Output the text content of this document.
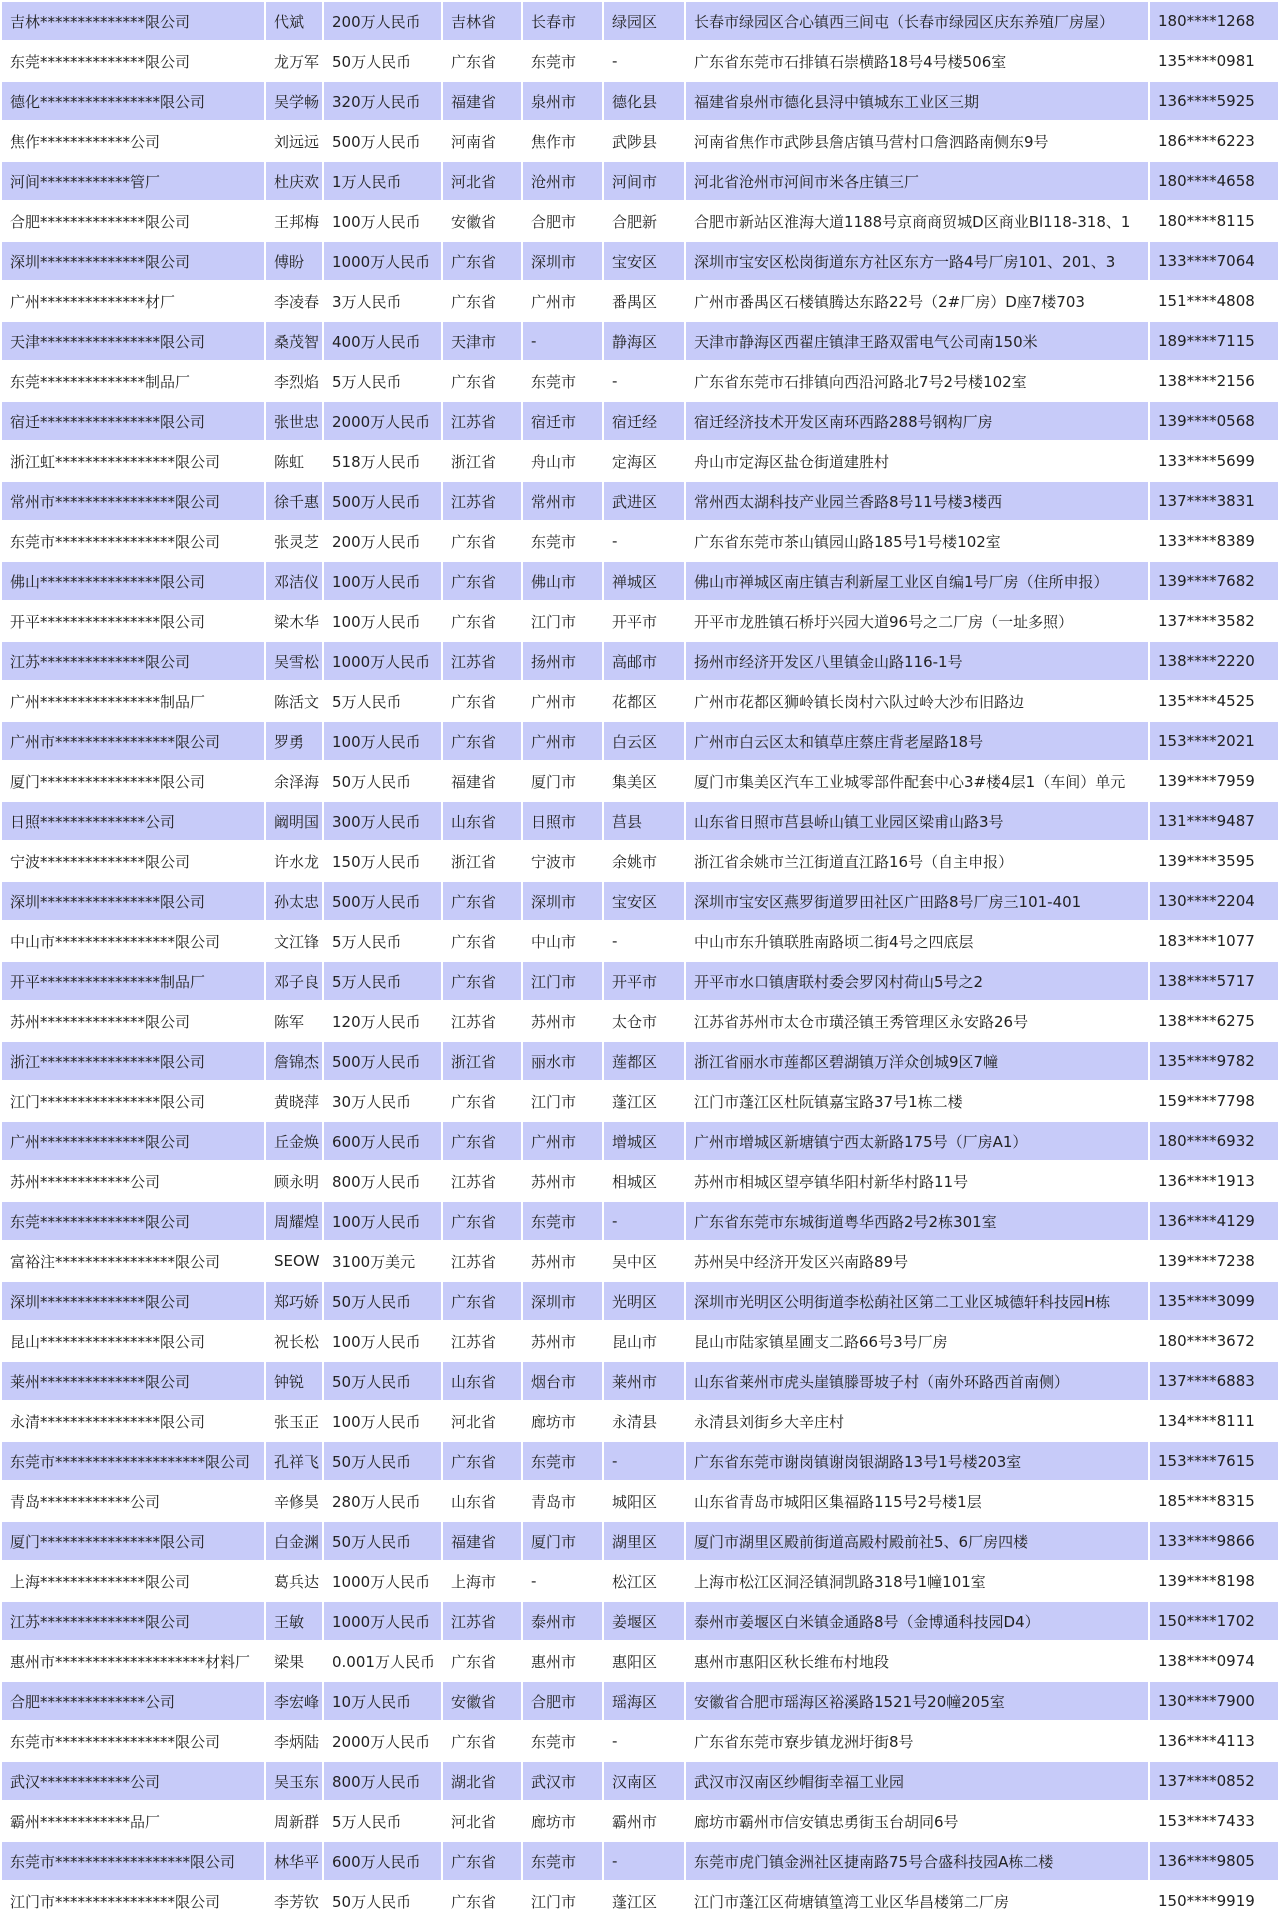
吉林**************限公司	代斌	200万人民币	吉林省	长春市	绿园区	长春市绿园区合心镇西三间屯（长春市绿园区庆东养殖厂房屋）	180****1268
东莞**************限公司	龙万军	50万人民币	广东省	东莞市	-	广东省东莞市石排镇石崇横路18号4号楼506室	135****0981
德化****************限公司	吴学畅	320万人民币	福建省	泉州市	德化县	福建省泉州市德化县浔中镇城东工业区三期	136****5925
焦作************公司	刘远远	500万人民币	河南省	焦作市	武陟县	河南省焦作市武陟县詹店镇马营村口詹泗路南侧东9号	186****6223
河间************管厂	杜庆欢	1万人民币	河北省	沧州市	河间市	河北省沧州市河间市米各庄镇三厂	180****4658
合肥**************限公司	王邦梅	100万人民币	安徽省	合肥市	合肥新	合肥市新站区淮海大道1188号京商商贸城D区商业Bl118-318、1	180****8115
深圳**************限公司	傅盼	1000万人民币	广东省	深圳市	宝安区	深圳市宝安区松岗街道东方社区东方一路4号厂房101、201、3	133****7064
广州**************材厂	李凌春	3万人民币	广东省	广州市	番禺区	广州市番禺区石楼镇腾达东路22号（2#厂房）D座7楼703	151****4808
天津****************限公司	桑茂智	400万人民币	天津市	-	静海区	天津市静海区西翟庄镇津王路双雷电气公司南150米	189****7115
东莞**************制品厂	李烈焰	5万人民币	广东省	东莞市	-	广东省东莞市石排镇向西沿河路北7号2号楼102室	138****2156
宿迁****************限公司	张世忠	2000万人民币	江苏省	宿迁市	宿迁经	宿迁经济技术开发区南环西路288号钢构厂房	139****0568
浙江虹****************限公司	陈虹	518万人民币	浙江省	舟山市	定海区	舟山市定海区盐仓街道建胜村	133****5699
常州市****************限公司	徐千惠	500万人民币	江苏省	常州市	武进区	常州西太湖科技产业园兰香路8号11号楼3楼西	137****3831
东莞市****************限公司	张灵芝	200万人民币	广东省	东莞市	-	广东省东莞市茶山镇园山路185号1号楼102室	133****8389
佛山****************限公司	邓洁仪	100万人民币	广东省	佛山市	禅城区	佛山市禅城区南庄镇吉利新屋工业区自编1号厂房（住所申报）	139****7682
开平****************限公司	梁木华	100万人民币	广东省	江门市	开平市	开平市龙胜镇石桥圩兴园大道96号之二厂房（一址多照）	137****3582
江苏**************限公司	吴雪松	1000万人民币	江苏省	扬州市	高邮市	扬州市经济开发区八里镇金山路116-1号	138****2220
广州****************制品厂	陈活文	5万人民币	广东省	广州市	花都区	广州市花都区狮岭镇长岗村六队过岭大沙布旧路边	135****4525
广州市****************限公司	罗勇	100万人民币	广东省	广州市	白云区	广州市白云区太和镇草庄蔡庄背老屋路18号	153****2021
厦门****************限公司	余泽海	50万人民币	福建省	厦门市	集美区	厦门市集美区汽车工业城零部件配套中心3#楼4层1（车间）单元	139****7959
日照**************公司	阚明国	300万人民币	山东省	日照市	莒县	山东省日照市莒县峤山镇工业园区梁甫山路3号	131****9487
宁波**************限公司	许水龙	150万人民币	浙江省	宁波市	余姚市	浙江省余姚市兰江街道直江路16号（自主申报）	139****3595
深圳****************限公司	孙太忠	500万人民币	广东省	深圳市	宝安区	深圳市宝安区燕罗街道罗田社区广田路8号厂房三101-401	130****2204
中山市****************限公司	文江锋	5万人民币	广东省	中山市	-	中山市东升镇联胜南路顷二街4号之四底层	183****1077
开平****************制品厂	邓子良	5万人民币	广东省	江门市	开平市	开平市水口镇唐联村委会罗冈村荷山5号之2	138****5717
苏州**************限公司	陈军	120万人民币	江苏省	苏州市	太仓市	江苏省苏州市太仓市璜泾镇王秀管理区永安路26号	138****6275
浙江****************限公司	詹锦杰	500万人民币	浙江省	丽水市	莲都区	浙江省丽水市莲都区碧湖镇万洋众创城9区7幢	135****9782
江门****************限公司	黄晓萍	30万人民币	广东省	江门市	蓬江区	江门市蓬江区杜阮镇嘉宝路37号1栋二楼	159****7798
广州**************限公司	丘金焕	600万人民币	广东省	广州市	增城区	广州市增城区新塘镇宁西太新路175号（厂房A1）	180****6932
苏州************公司	顾永明	800万人民币	江苏省	苏州市	相城区	苏州市相城区望亭镇华阳村新华村路11号	136****1913
东莞**************限公司	周耀煌	100万人民币	广东省	东莞市	-	广东省东莞市东城街道粤华西路2号2栋301室	136****4129
富裕注****************限公司	SEOW	3100万美元	江苏省	苏州市	吴中区	苏州吴中经济开发区兴南路89号	139****7238
深圳**************限公司	郑巧娇	50万人民币	广东省	深圳市	光明区	深圳市光明区公明街道李松蓢社区第二工业区城德轩科技园H栋	135****3099
昆山****************限公司	祝长松	100万人民币	江苏省	苏州市	昆山市	昆山市陆家镇星圃支二路66号3号厂房	180****3672
莱州**************限公司	钟锐	50万人民币	山东省	烟台市	莱州市	山东省莱州市虎头崖镇滕哥坡子村（南外环路西首南侧）	137****6883
永清****************限公司	张玉正	100万人民币	河北省	廊坊市	永清县	永清县刘街乡大辛庄村	134****8111
东莞市********************限公司	孔祥飞	50万人民币	广东省	东莞市	-	广东省东莞市谢岗镇谢岗银湖路13号1号楼203室	153****7615
青岛************公司	辛修昊	280万人民币	山东省	青岛市	城阳区	山东省青岛市城阳区集福路115号2号楼1层	185****8315
厦门****************限公司	白金渊	50万人民币	福建省	厦门市	湖里区	厦门市湖里区殿前街道高殿村殿前社5、6厂房四楼	133****9866
上海**************限公司	葛兵达	1000万人民币	上海市	-	松江区	上海市松江区洞泾镇洞凯路318号1幢101室	139****8198
江苏**************限公司	王敏	1000万人民币	江苏省	泰州市	姜堰区	泰州市姜堰区白米镇金通路8号（金博通科技园D4）	150****1702
惠州市********************材料厂	梁果	0.001万人民币	广东省	惠州市	惠阳区	惠州市惠阳区秋长维布村地段	138****0974
合肥**************公司	李宏峰	10万人民币	安徽省	合肥市	瑶海区	安徽省合肥市瑶海区裕溪路1521号20幢205室	130****7900
东莞市****************限公司	李炳陆	2000万人民币	广东省	东莞市	-	广东省东莞市寮步镇龙洲圩街8号	136****4113
武汉************公司	吴玉东	800万人民币	湖北省	武汉市	汉南区	武汉市汉南区纱帽街幸福工业园	137****0852
霸州************品厂	周新群	5万人民币	河北省	廊坊市	霸州市	廊坊市霸州市信安镇忠勇街玉台胡同6号	153****7433
东莞市******************限公司	林华平	600万人民币	广东省	东莞市	-	东莞市虎门镇金洲社区捷南路75号合盛科技园A栋二楼	136****9805
江门市****************限公司	李芳钦	50万人民币	广东省	江门市	蓬江区	江门市蓬江区荷塘镇篁湾工业区华昌楼第二厂房	150****9919
